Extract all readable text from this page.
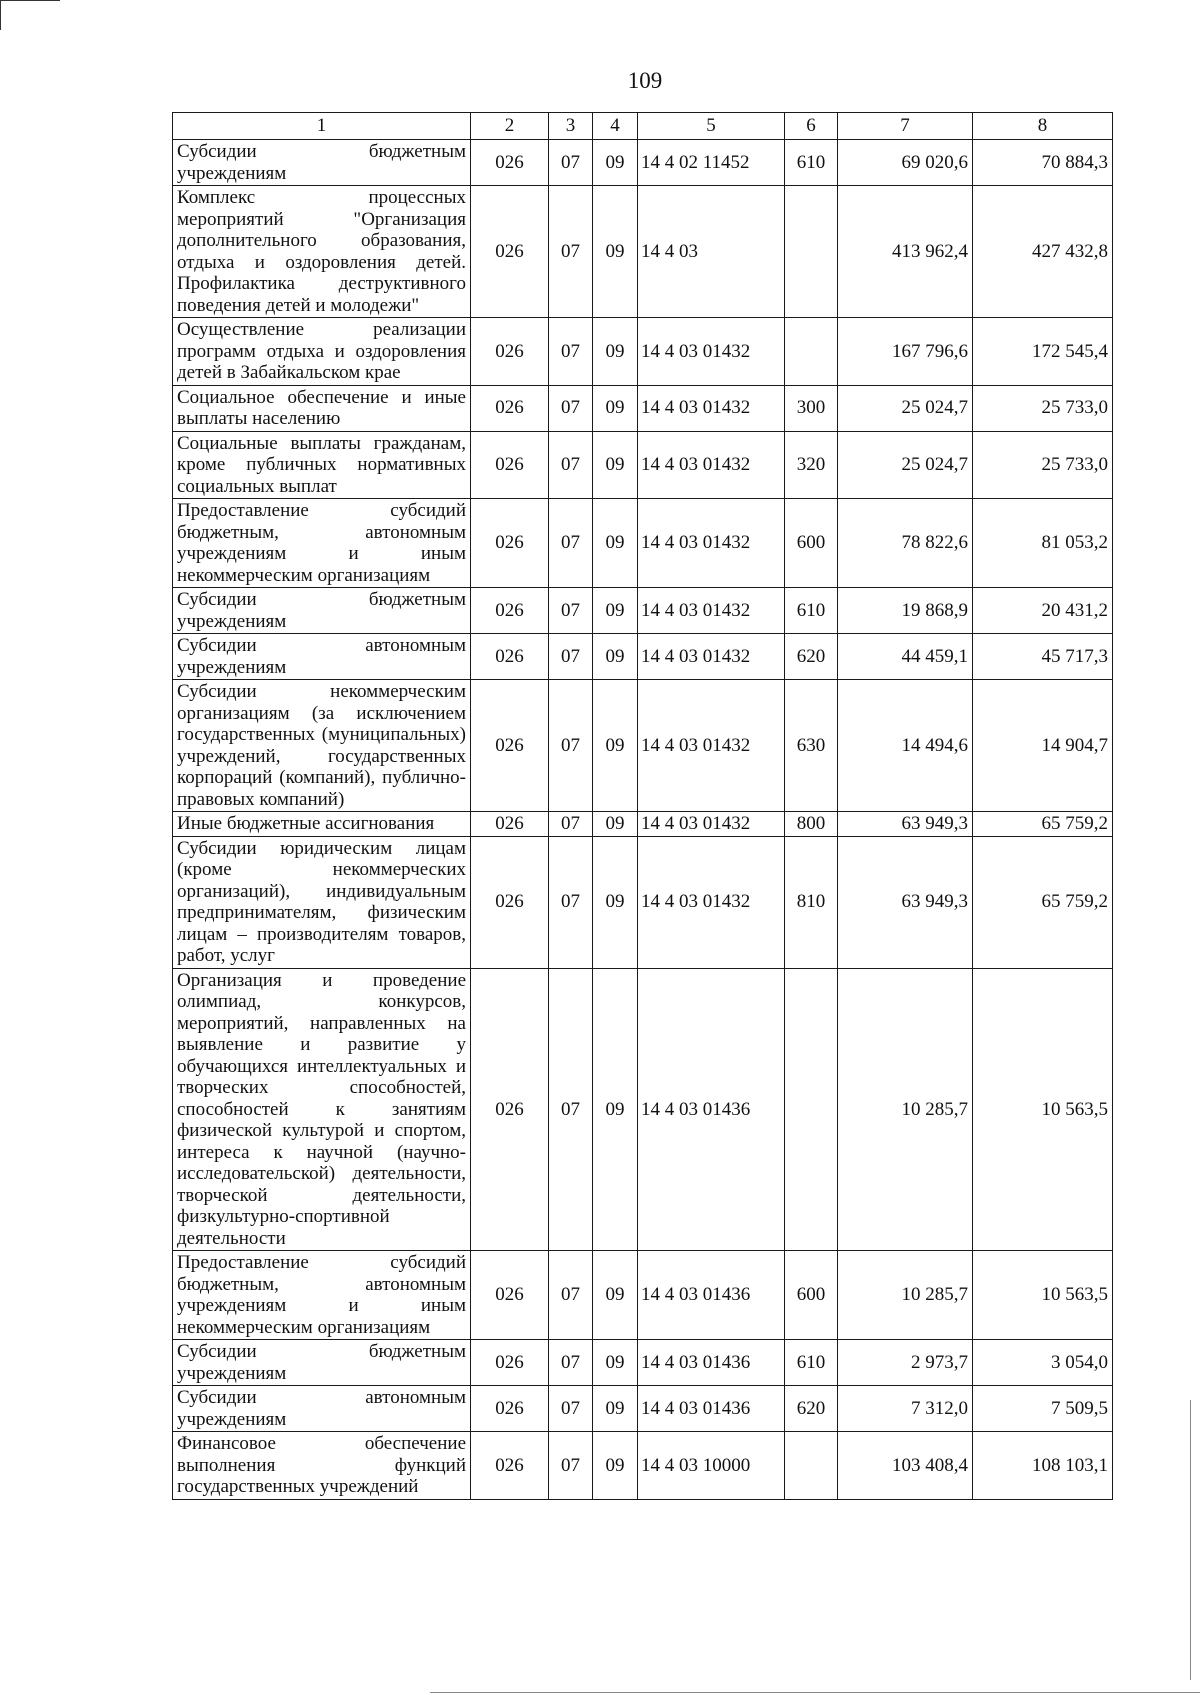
109
1	2	3	4	5	6	7	8
Субсидии бюджетным учреждениям	026	07	09	14 4 02 11452	610	69 020,6	70 884,3
Комплекс процессных мероприятий "Организация дополнительного образования, отдыха и оздоровления детей. Профилактика деструктивного поведения детей и молодежи"	026	07	09	14 4 03		413 962,4	427 432,8
Осуществление реализации программ отдыха и оздоровления детей в Забайкальском крае	026	07	09	14 4 03 01432		167 796,6	172 545,4
Социальное обеспечение и иные выплаты населению	026	07	09	14 4 03 01432	300	25 024,7	25 733,0
Социальные выплаты гражданам, кроме публичных нормативных социальных выплат	026	07	09	14 4 03 01432	320	25 024,7	25 733,0
Предоставление субсидий бюджетным, автономным учреждениям и иным некоммерческим организациям	026	07	09	14 4 03 01432	600	78 822,6	81 053,2
Субсидии бюджетным учреждениям	026	07	09	14 4 03 01432	610	19 868,9	20 431,2
Субсидии автономным учреждениям	026	07	09	14 4 03 01432	620	44 459,1	45 717,3
Субсидии некоммерческим организациям (за исключением государственных (муниципальных) учреждений, государственных корпораций (компаний), публично-правовых компаний)	026	07	09	14 4 03 01432	630	14 494,6	14 904,7
Иные бюджетные ассигнования	026	07	09	14 4 03 01432	800	63 949,3	65 759,2
Субсидии юридическим лицам (кроме некоммерческих организаций), индивидуальным предпринимателям, физическим лицам – производителям товаров, работ, услуг	026	07	09	14 4 03 01432	810	63 949,3	65 759,2
Организация и проведение олимпиад, конкурсов, мероприятий, направленных на выявление и развитие у обучающихся интеллектуальных и творческих способностей, способностей к занятиям физической культурой и спортом, интереса к научной (научно-исследовательской) деятельности, творческой деятельности, физкультурно-спортивной деятельности	026	07	09	14 4 03 01436		10 285,7	10 563,5
Предоставление субсидий бюджетным, автономным учреждениям и иным некоммерческим организациям	026	07	09	14 4 03 01436	600	10 285,7	10 563,5
Субсидии бюджетным учреждениям	026	07	09	14 4 03 01436	610	2 973,7	3 054,0
Субсидии автономным учреждениям	026	07	09	14 4 03 01436	620	7 312,0	7 509,5
Финансовое обеспечение выполнения функций государственных учреждений	026	07	09	14 4 03 10000		103 408,4	108 103,1
